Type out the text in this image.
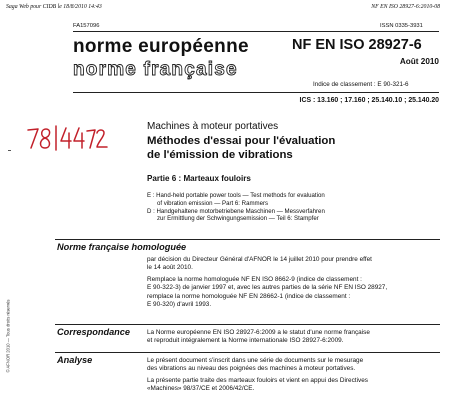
Saga Web pour CIDB le 18/8/2010 14:43	NF EN ISO 28927-6:2010-08
FA157096	ISSN 0335-3931
norme européenne
norme française
NF EN ISO 28927-6
Août 2010
Indice de classement : E 90-321-6
ICS : 13.160 ; 17.160 ; 25.140.10 ; 25.140.20
Machines à moteur portatives
Méthodes d'essai pour l'évaluation
de l'émission de vibrations
Partie 6 : Marteaux fouloirs
E : Hand-held portable power tools — Test methods for evaluation
of vibration emission — Part 6: Rammers
D : Handgehaltene motorbetriebene Maschinen — Messverfahren
zur Ermittlung der Schwingungsemission — Teil 6: Stampfer
© AFNOR 2010 — Tous droits réservés
Norme française homologuée
par décision du Directeur Général d'AFNOR le 14 juillet 2010 pour prendre effet
le 14 août 2010.
Remplace la norme homologuée NF EN ISO 8662-9 (indice de classement :
E 90-322-3) de janvier 1997 et, avec les autres parties de la série NF EN ISO 28927,
remplace la norme homologuée NF EN 28662-1 (indice de classement :
E 90-320) d'avril 1993.
Correspondance	La Norme européenne EN ISO 28927-6:2009 a le statut d'une norme française
et reproduit intégralement la Norme internationale ISO 28927-6:2009.
Analyse	Le présent document s'inscrit dans une série de documents sur le mesurage
des vibrations au niveau des poignées des machines à moteur portatives.
La présente partie traite des marteaux fouloirs et vient en appui des Directives
«Machines» 98/37/CE et 2006/42/CE.
